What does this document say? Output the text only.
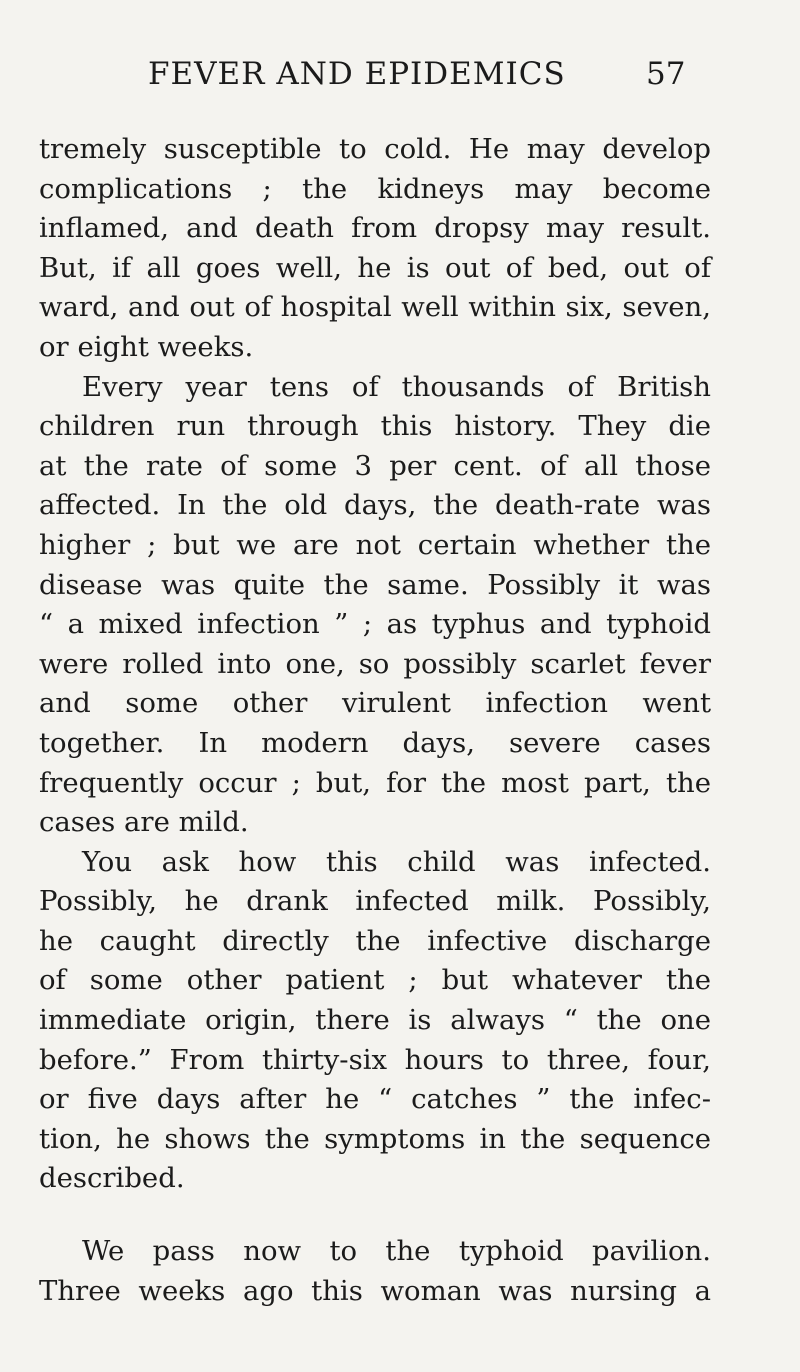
FEVER AND EPIDEMICS	57
tremely susceptible to cold. He may develop
complications ; the kidneys may become
inflamed, and death from dropsy may result.
But, if all goes well, he is out of bed, out of
ward, and out of hospital well within six, seven,
or eight weeks.
Every year tens of thousands of British
children run through this history. They die
at the rate of some 3 per cent. of all those
affected. In the old days, the death-rate was
higher ; but we are not certain whether the
disease was quite the same. Possibly it was
“ a mixed infection ” ; as typhus and typhoid
were rolled into one, so possibly scarlet fever
and some other virulent infection went
together. In modern days, severe cases
frequently occur ; but, for the most part, the
cases are mild.
You ask how this child was infected.
Possibly, he drank infected milk. Possibly,
he caught directly the infective discharge
of some other patient ; but whatever the
immediate origin, there is always “ the one
before.” From thirty-six hours to three, four,
or five days after he “ catches ” the infec-
tion, he shows the symptoms in the sequence
described.
We pass now to the typhoid pavilion.
Three weeks ago this woman was nursing a
